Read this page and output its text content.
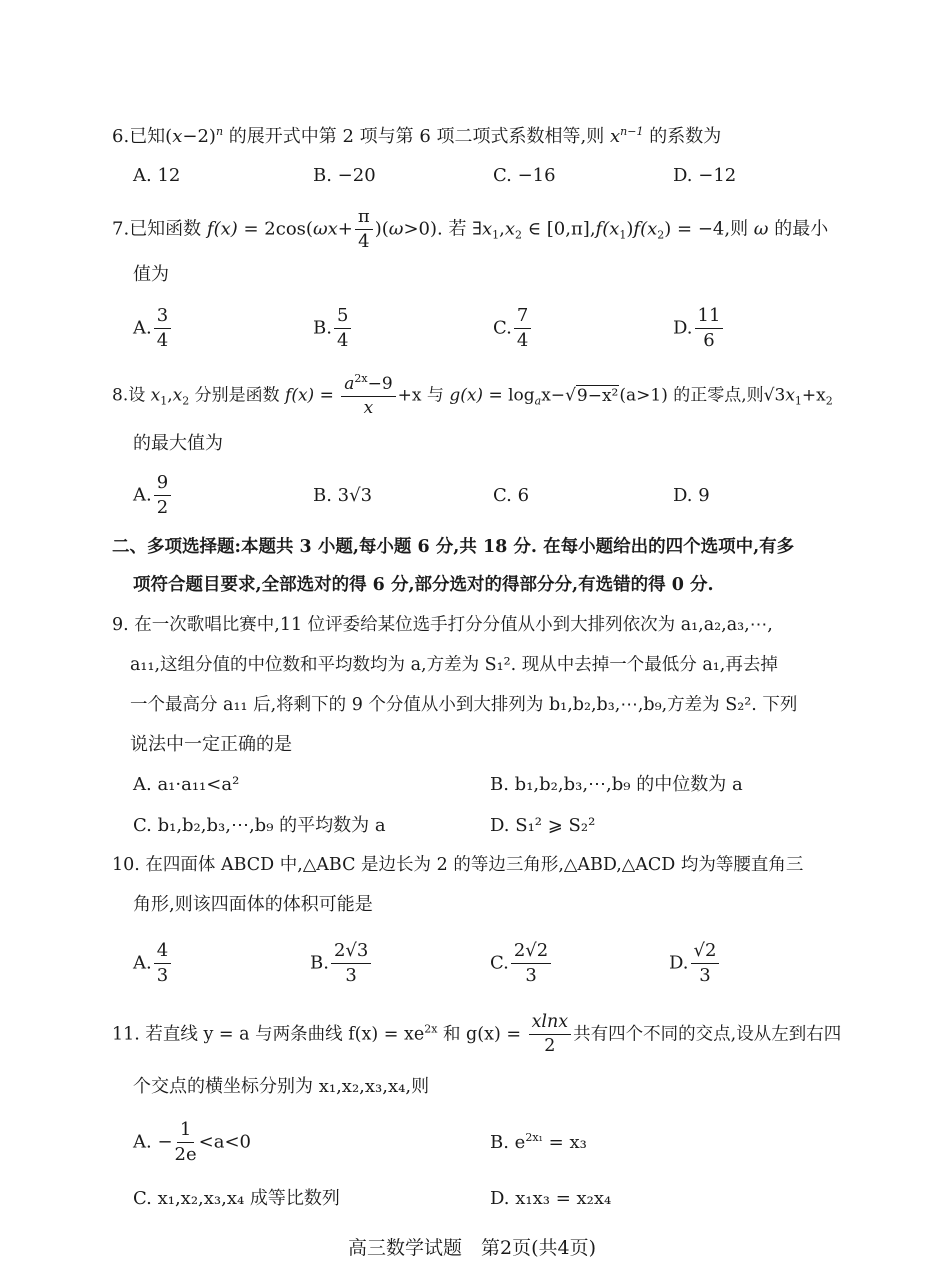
6.已知$(x-2)^n$ 的展开式中第 2 项与第 6 项二项式系数相等,则 $x^{n-1}$ 的系数为
A. 12	B. −20	C. −16	D. −12
7.已知函数 $f(x) = 2\cos(\omega x+ \frac{\pi}{4} )(\omega>0)$. 若 $\exists x_1,x_2$ ∈ $[0,\pi],f(x_1)f(x_2) = -4$,则 ω 的最小
值为
A. $\frac{3}{4}$	B. $\frac{5}{4}$	C. $\frac{7}{4}$	D. $\frac{11}{6}$
8.设 $x_1,x_2$ 分别是函数 $f(x) = \frac{a^{2x}-9}{x} +x$ 与 $g(x) = \log_ax-√9-x^2(a>1)$ 的正零点,则$√3x_1+x_2$
的最大值为
A. $\frac{9}{2}$	B. 3√3	C. 6	D. 9
二、多项选择题:本题共 3 小题,每小题 6 分,共 18 分. 在每小题给出的四个选项中,有多
项符合题目要求,全部选对的得 6 分,部分选对的得部分分,有选错的得 0 分.
9. 在一次歌唱比赛中,11 位评委给某位选手打分分值从小到大排列依次为 a₁,a₂,a₃,⋯,
a₁₁,这组分值的中位数和平均数均为 a,方差为 S₁². 现从中去掉一个最低分 a₁,再去掉
一个最高分 a₁₁ 后,将剩下的 9 个分值从小到大排列为 b₁,b₂,b₃,⋯,b₉,方差为 S₂². 下列
说法中一定正确的是
A. a₁·a₁₁<a²	B. b₁,b₂,b₃,⋯,b₉ 的中位数为 a
C. b₁,b₂,b₃,⋯,b₉ 的平均数为 a	D. S₁² ⩾ S₂²
10. 在四面体 ABCD 中,△ABC 是边长为 2 的等边三角形,△ABD,△ACD 均为等腰直角三
角形,则该四面体的体积可能是
A. $\frac{4}{3}$	B. $\frac{2√3}{3}$	C. $\frac{2√2}{3}$	D. $\frac{√2}{3}$
11. 若直线 y = a 与两条曲线 $f(x) = xe^{2x}$ 和 $g(x) = \frac{xlnx}{2}$ 共有四个不同的交点,设从左到右四
个交点的横坐标分别为 x₁,x₂,x₃,x₄,则
A. − $\frac{1}{2e} <a<0$	B. $e^{2x_1} = x_3$
C. x₁,x₂,x₃,x₄ 成等比数列	D. x₁x₃ = x₂x₄
高三数学试题　第2页(共4页)
